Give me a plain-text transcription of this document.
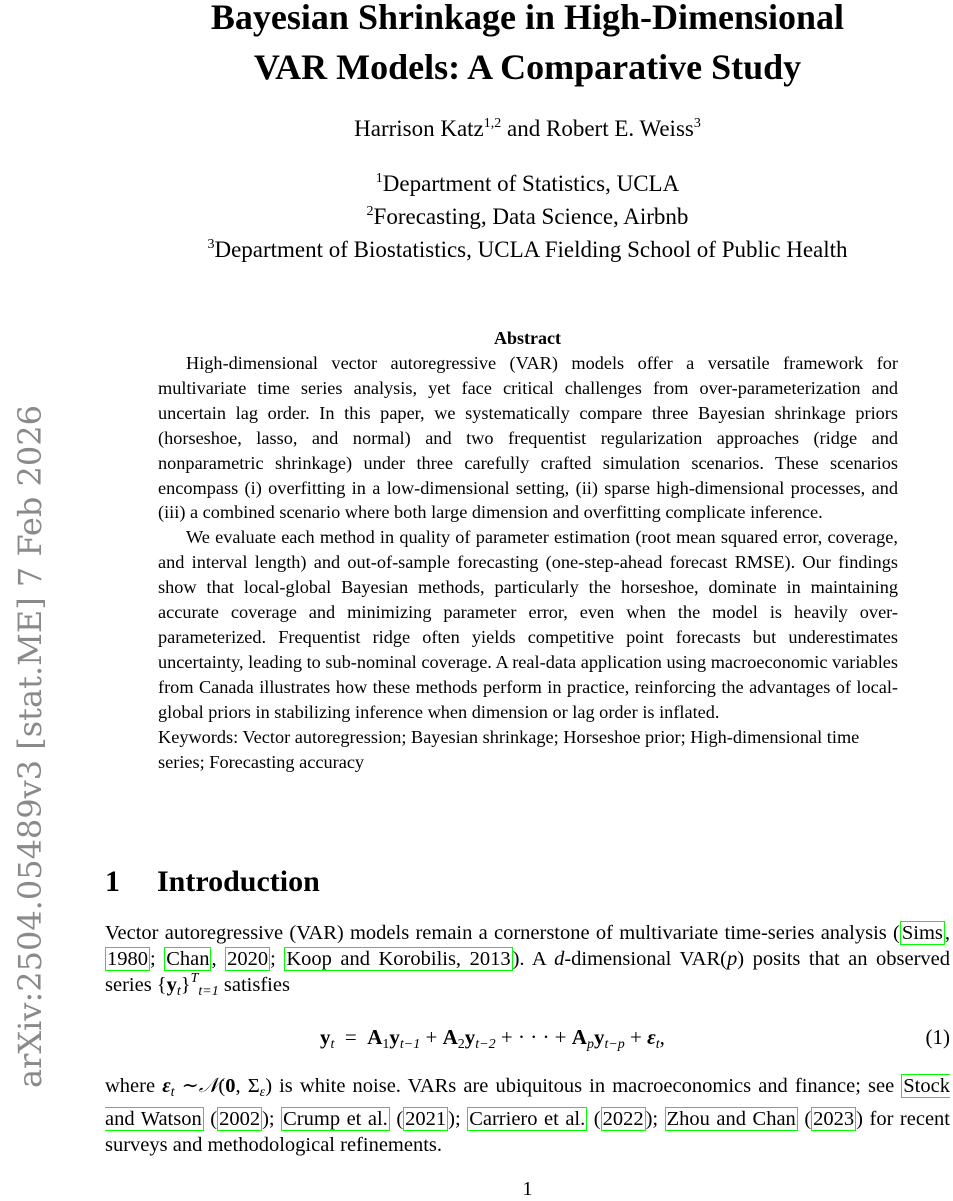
arXiv:2504.05489v3 [stat.ME] 7 Feb 2026
Bayesian Shrinkage in High-Dimensional
VAR Models: A Comparative Study
Harrison Katz$^{1,2}$ and Robert E. Weiss$^3$
$^1$Department of Statistics, UCLA
$^2$Forecasting, Data Science, Airbnb
$^3$Department of Biostatistics, UCLA Fielding School of Public Health
Abstract

High-dimensional vector autoregressive (VAR) models offer a versatile framework for multivariate time series analysis, yet face critical challenges from over-parameterization and uncertain lag order. In this paper, we systematically compare three Bayesian shrinkage priors (horseshoe, lasso, and normal) and two frequentist regularization approaches (ridge and nonparametric shrinkage) under three carefully crafted simulation scenarios. These scenarios encompass (i) overfitting in a low-dimensional setting, (ii) sparse high-dimensional processes, and (iii) a combined scenario where both large dimension and overfitting complicate inference.

We evaluate each method in quality of parameter estimation (root mean squared error, coverage, and interval length) and out-of-sample forecasting (one-step-ahead forecast RMSE). Our findings show that local-global Bayesian methods, particularly the horseshoe, dominate in maintaining accurate coverage and minimizing parameter error, even when the model is heavily over-parameterized. Frequentist ridge often yields competitive point forecasts but underestimates uncertainty, leading to sub-nominal coverage. A real-data application using macroeconomic variables from Canada illustrates how these methods perform in practice, reinforcing the advantages of local-global priors in stabilizing inference when dimension or lag order is inflated.

Keywords: Vector autoregression; Bayesian shrinkage; Horseshoe prior; High-dimensional time series; Forecasting accuracy

1 Introduction

Vector autoregressive (VAR) models remain a cornerstone of multivariate time-series analysis (Sims, 1980; Chan, 2020; Koop and Korobilis, 2013). A d-dimensional VAR(p) posits that an observed series $\{y_t\}^T_{t=1}$ satisfies

$y_t = A_1y_{t-1} + A_2y_{t-2}$ + · · · + $A_py_{t-p} + \varepsilon_t$,	(1)

where $\varepsilon_t$ ∼𝒩(0, $\Sigma_\varepsilon$) is white noise. VARs are ubiquitous in macroeconomics and finance; see Stock and Watson (2002); Crump et al. (2021); Carriero et al. (2022); Zhou and Chan (2023) for recent surveys and methodological refinements.

1
